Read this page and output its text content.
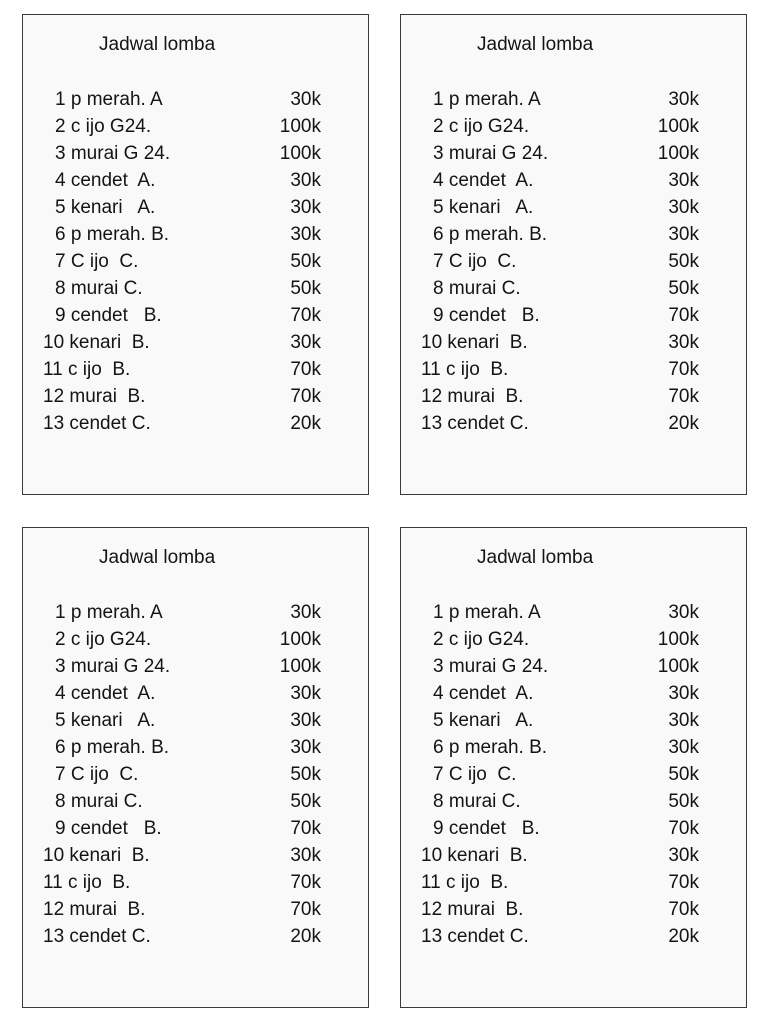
Jadwal lomba
1 p merah. A	30k
2 c ijo G24.	100k
3 murai G 24.	100k
4 cendet  A.	30k
5 kenari   A.	30k
6 p merah. B.	30k
7 C ijo  C.	50k
8 murai C.	50k
9 cendet   B.	70k
10 kenari  B.	30k
11 c ijo  B.	70k
12 murai  B.	70k
13 cendet C.	20k
Jadwal lomba
1 p merah. A	30k
2 c ijo G24.	100k
3 murai G 24.	100k
4 cendet  A.	30k
5 kenari   A.	30k
6 p merah. B.	30k
7 C ijo  C.	50k
8 murai C.	50k
9 cendet   B.	70k
10 kenari  B.	30k
11 c ijo  B.	70k
12 murai  B.	70k
13 cendet C.	20k
Jadwal lomba
1 p merah. A	30k
2 c ijo G24.	100k
3 murai G 24.	100k
4 cendet  A.	30k
5 kenari   A.	30k
6 p merah. B.	30k
7 C ijo  C.	50k
8 murai C.	50k
9 cendet   B.	70k
10 kenari  B.	30k
11 c ijo  B.	70k
12 murai  B.	70k
13 cendet C.	20k
Jadwal lomba
1 p merah. A	30k
2 c ijo G24.	100k
3 murai G 24.	100k
4 cendet  A.	30k
5 kenari   A.	30k
6 p merah. B.	30k
7 C ijo  C.	50k
8 murai C.	50k
9 cendet   B.	70k
10 kenari  B.	30k
11 c ijo  B.	70k
12 murai  B.	70k
13 cendet C.	20k
